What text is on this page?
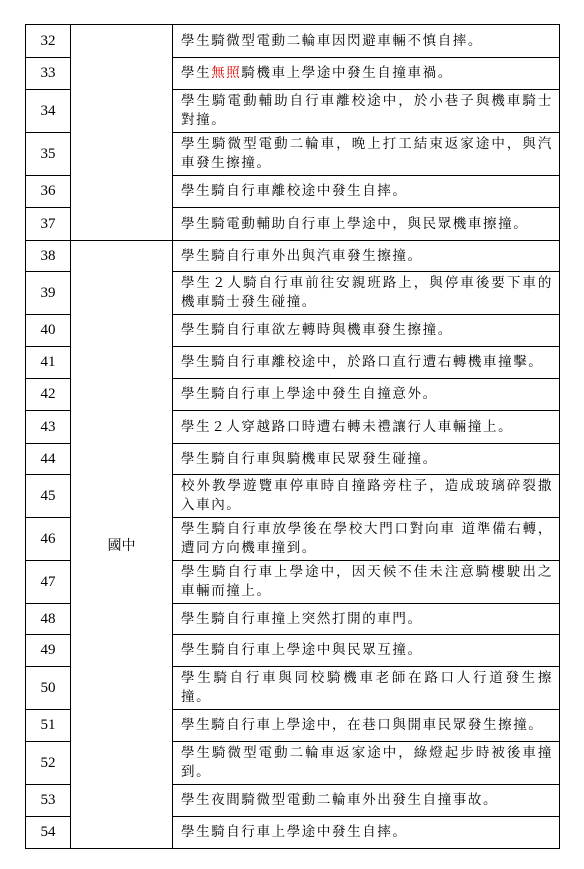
32		學生騎微型電動二輪車因閃避車輛不慎自摔。
33		學生無照騎機車上學途中發生自撞車禍。
34		學生騎電動輔助自行車離校途中，於小巷子與機車騎士對撞。
35		學生騎微型電動二輪車，晚上打工結束返家途中，與汽車發生擦撞。
36		學生騎自行車離校途中發生自摔。
37		學生騎電動輔助自行車上學途中，與民眾機車擦撞。
38	國中	學生騎自行車外出與汽車發生擦撞。
39		學生２人騎自行車前往安親班路上，與停車後要下車的機車騎士發生碰撞。
40		學生騎自行車欲左轉時與機車發生擦撞。
41		學生騎自行車離校途中，於路口直行遭右轉機車撞擊。
42		學生騎自行車上學途中發生自撞意外。
43		學生２人穿越路口時遭右轉未禮讓行人車輛撞上。
44		學生騎自行車與騎機車民眾發生碰撞。
45		校外教學遊覽車停車時自撞路旁柱子，造成玻璃碎裂撒入車內。
46		學生騎自行車放學後在學校大門口對向車 道準備右轉，遭同方向機車撞到。
47		學生騎自行車上學途中，因天候不佳未注意騎樓駛出之車輛而撞上。
48		學生騎自行車撞上突然打開的車門。
49		學生騎自行車上學途中與民眾互撞。
50		學生騎自行車與同校騎機車老師在路口人行道發生擦撞。
51		學生騎自行車上學途中，在巷口與開車民眾發生擦撞。
52		學生騎微型電動二輪車返家途中，綠燈起步時被後車撞到。
53		學生夜間騎微型電動二輪車外出發生自撞事故。
54		學生騎自行車上學途中發生自摔。
